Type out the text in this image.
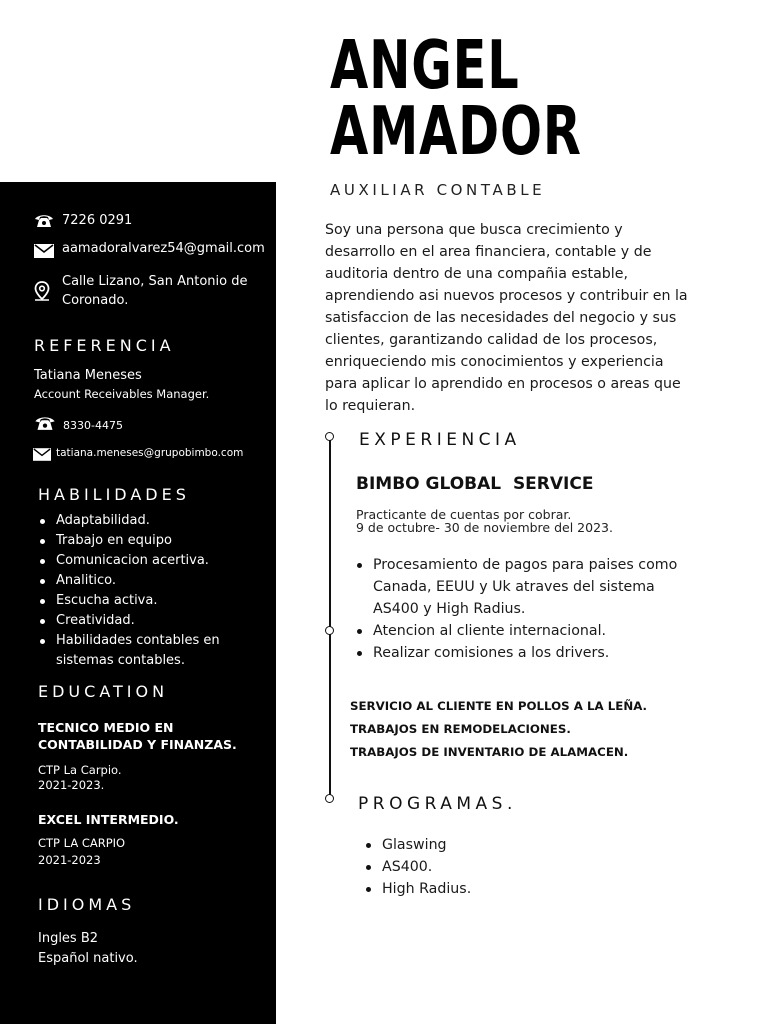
ANGEL
AMADOR
AUXILIAR CONTABLE
7226 0291
aamadoralvarez54@gmail.com
Calle Lizano, San Antonio de
Coronado.
REFERENCIA
Tatiana Meneses
Account Receivables Manager.
8330-4475
tatiana.meneses@grupobimbo.com
HABILIDADES
Adaptabilidad.
Trabajo en equipo
Comunicacion acertiva.
Analitico.
Escucha activa.
Creatividad.
Habilidades contables en
sistemas contables.
EDUCATION
TECNICO MEDIO EN
CONTABILIDAD Y FINANZAS.
CTP La Carpio.
2021-2023.
EXCEL INTERMEDIO.
CTP LA CARPIO
2021-2023
IDIOMAS
Ingles B2
Español nativo.
Soy una persona que busca crecimiento y desarrollo en el area financiera, contable y de auditoria dentro de una compañia estable, aprendiendo asi nuevos procesos y contribuir en la satisfaccion de las necesidades del negocio y sus clientes, garantizando calidad de los procesos, enriqueciendo mis conocimientos y experiencia para aplicar lo aprendido en procesos o areas que lo requieran.
EXPERIENCIA
BIMBO GLOBAL  SERVICE
Practicante de cuentas por cobrar.
9 de octubre- 30 de noviembre del 2023.
Procesamiento de pagos para paises como Canada, EEUU y Uk atraves del sistema AS400 y High Radius.
Atencion al cliente internacional.
Realizar comisiones a los drivers.
SERVICIO AL CLIENTE EN POLLOS A LA LEÑA.
TRABAJOS EN REMODELACIONES.
TRABAJOS DE INVENTARIO DE ALAMACEN.
PROGRAMAS.
Glaswing
AS400.
High Radius.
